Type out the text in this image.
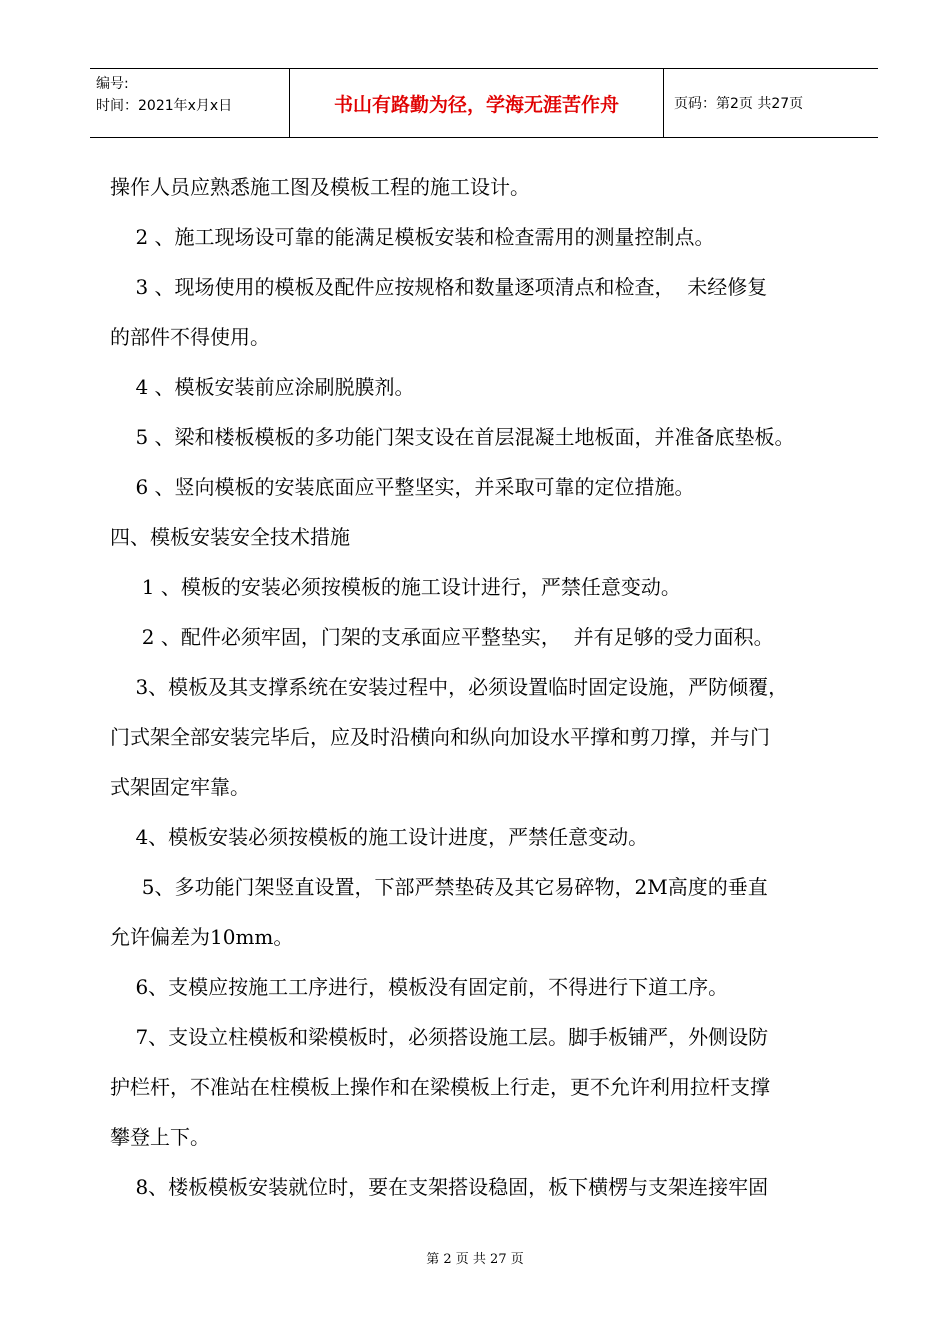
编号:
时间：2021年x月x日	书山有路勤为径，学海无涯苦作舟	页码：第2页 共27页

操作人员应熟悉施工图及模板工程的施工设计。

2 、施工现场设可靠的能满足模板安装和检查需用的测量控制点。

3 、现场使用的模板及配件应按规格和数量逐项清点和检查，  未经修复

的部件不得使用。

4 、模板安装前应涂刷脱膜剂。

5 、梁和楼板模板的多功能门架支设在首层混凝土地板面，并准备底垫板。

6 、竖向模板的安装底面应平整坚实，并采取可靠的定位措施。

四、模板安装安全技术措施

1 、模板的安装必须按模板的施工设计进行，严禁任意变动。

2 、配件必须牢固，门架的支承面应平整垫实，  并有足够的受力面积。

3、模板及其支撑系统在安装过程中，必须设置临时固定设施，严防倾覆，

门式架全部安装完毕后，应及时沿横向和纵向加设水平撑和剪刀撑，并与门

式架固定牢靠。

4、模板安装必须按模板的施工设计进度，严禁任意变动。

5、多功能门架竖直设置，下部严禁垫砖及其它易碎物，2M高度的垂直

允许偏差为10mm。

6、支模应按施工工序进行，模板没有固定前，不得进行下道工序。

7、支设立柱模板和梁模板时，必须搭设施工层。脚手板铺严，外侧设防

护栏杆，不准站在柱模板上操作和在梁模板上行走，更不允许利用拉杆支撑

攀登上下。

8、楼板模板安装就位时，要在支架搭设稳固，板下横楞与支架连接牢固

第 2 页 共 27 页
